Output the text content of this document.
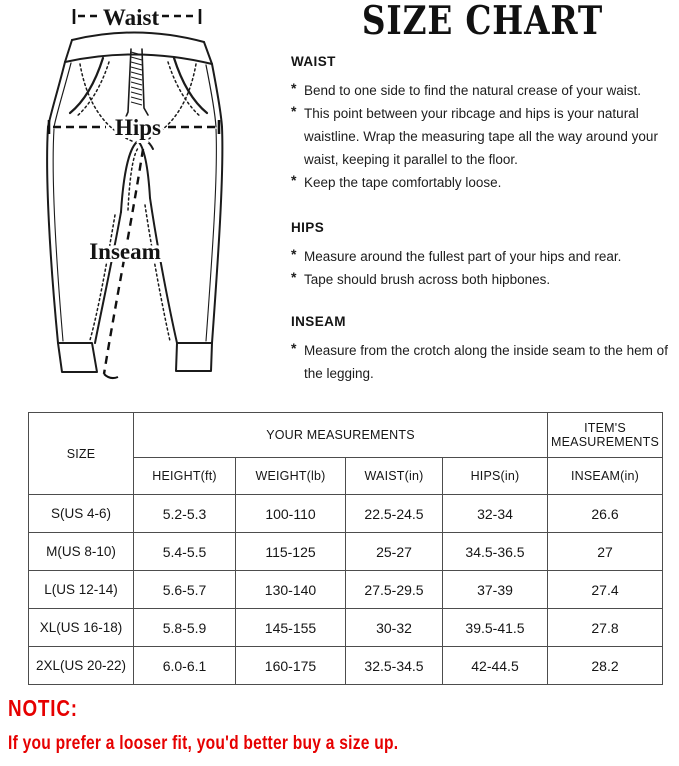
Waist
Hips
Inseam
SIZE CHART
WAIST
* Bend to one side to find the natural crease of your waist.
* This point between your ribcage and hips is your natural waistline. Wrap the measuring tape all the way around your waist, keeping it parallel to the floor.
* Keep the tape comfortably loose.
HIPS
* Measure around the fullest part of your hips and rear.
* Tape should brush across both hipbones.
INSEAM
* Measure from the crotch along the inside seam to the hem of the legging.
SIZE	YOUR MEASUREMENTS				ITEM'S MEASUREMENTS
	HEIGHT(ft)	WEIGHT(lb)	WAIST(in)	HIPS(in)	INSEAM(in)
S(US 4-6)	5.2-5.3	100-110	22.5-24.5	32-34	26.6
M(US 8-10)	5.4-5.5	115-125	25-27	34.5-36.5	27
L(US 12-14)	5.6-5.7	130-140	27.5-29.5	37-39	27.4
XL(US 16-18)	5.8-5.9	145-155	30-32	39.5-41.5	27.8
2XL(US 20-22)	6.0-6.1	160-175	32.5-34.5	42-44.5	28.2
NOTIC:
If you prefer a looser fit, you'd better buy a size up.
